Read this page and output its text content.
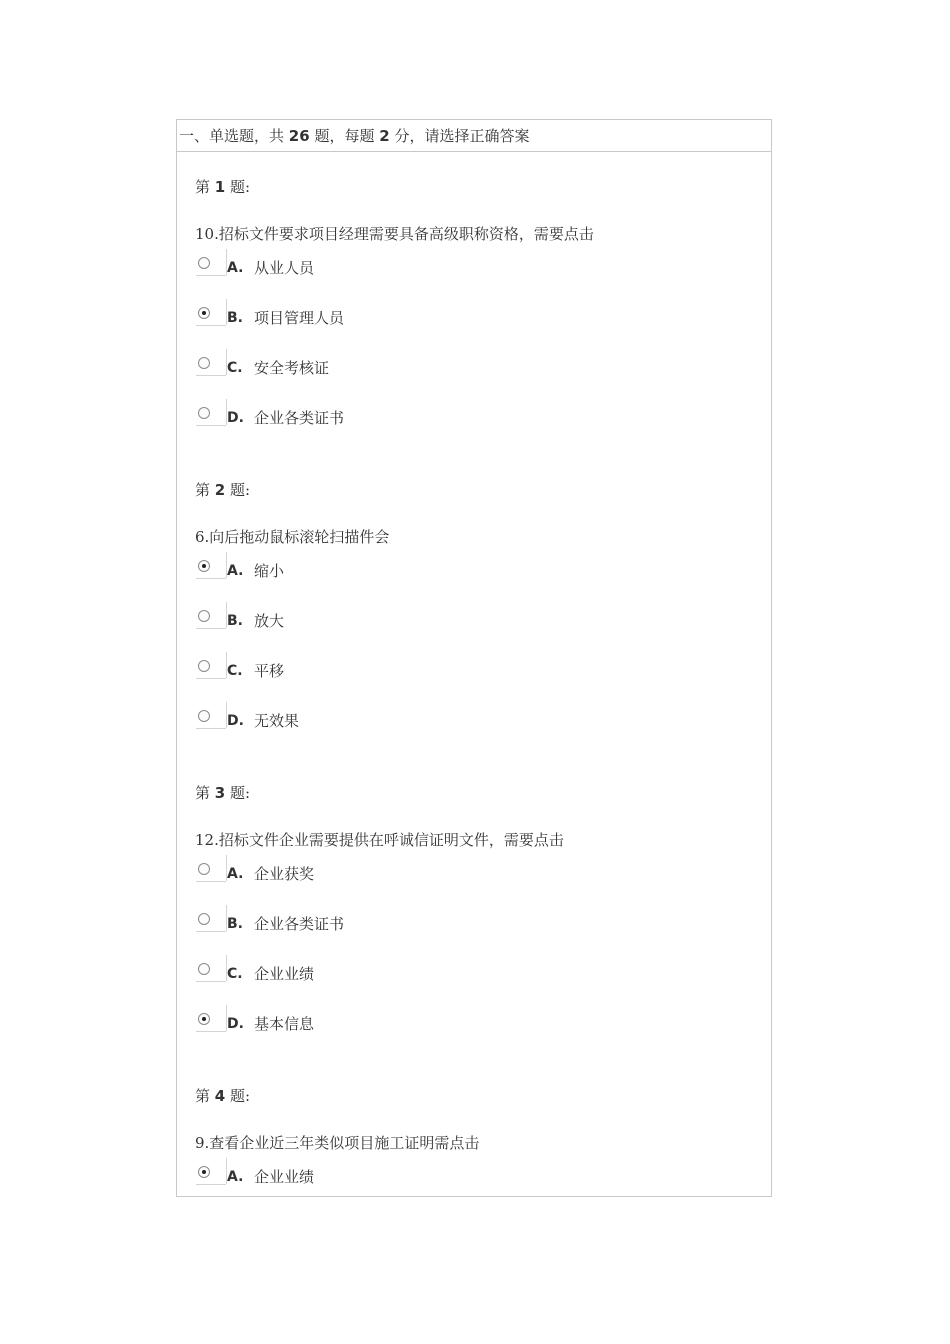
一、单选题，共 26 题，每题 2 分，请选择正确答案
第 1 题:
10.招标文件要求项目经理需要具备高级职称资格，需要点击
A. 从业人员
B. 项目管理人员
C. 安全考核证
D. 企业各类证书
第 2 题:
6.向后拖动鼠标滚轮扫描件会
A. 缩小
B. 放大
C. 平移
D. 无效果
第 3 题:
12.招标文件企业需要提供在呼诚信证明文件，需要点击
A. 企业获奖
B. 企业各类证书
C. 企业业绩
D. 基本信息
第 4 题:
9.查看企业近三年类似项目施工证明需点击
A. 企业业绩
